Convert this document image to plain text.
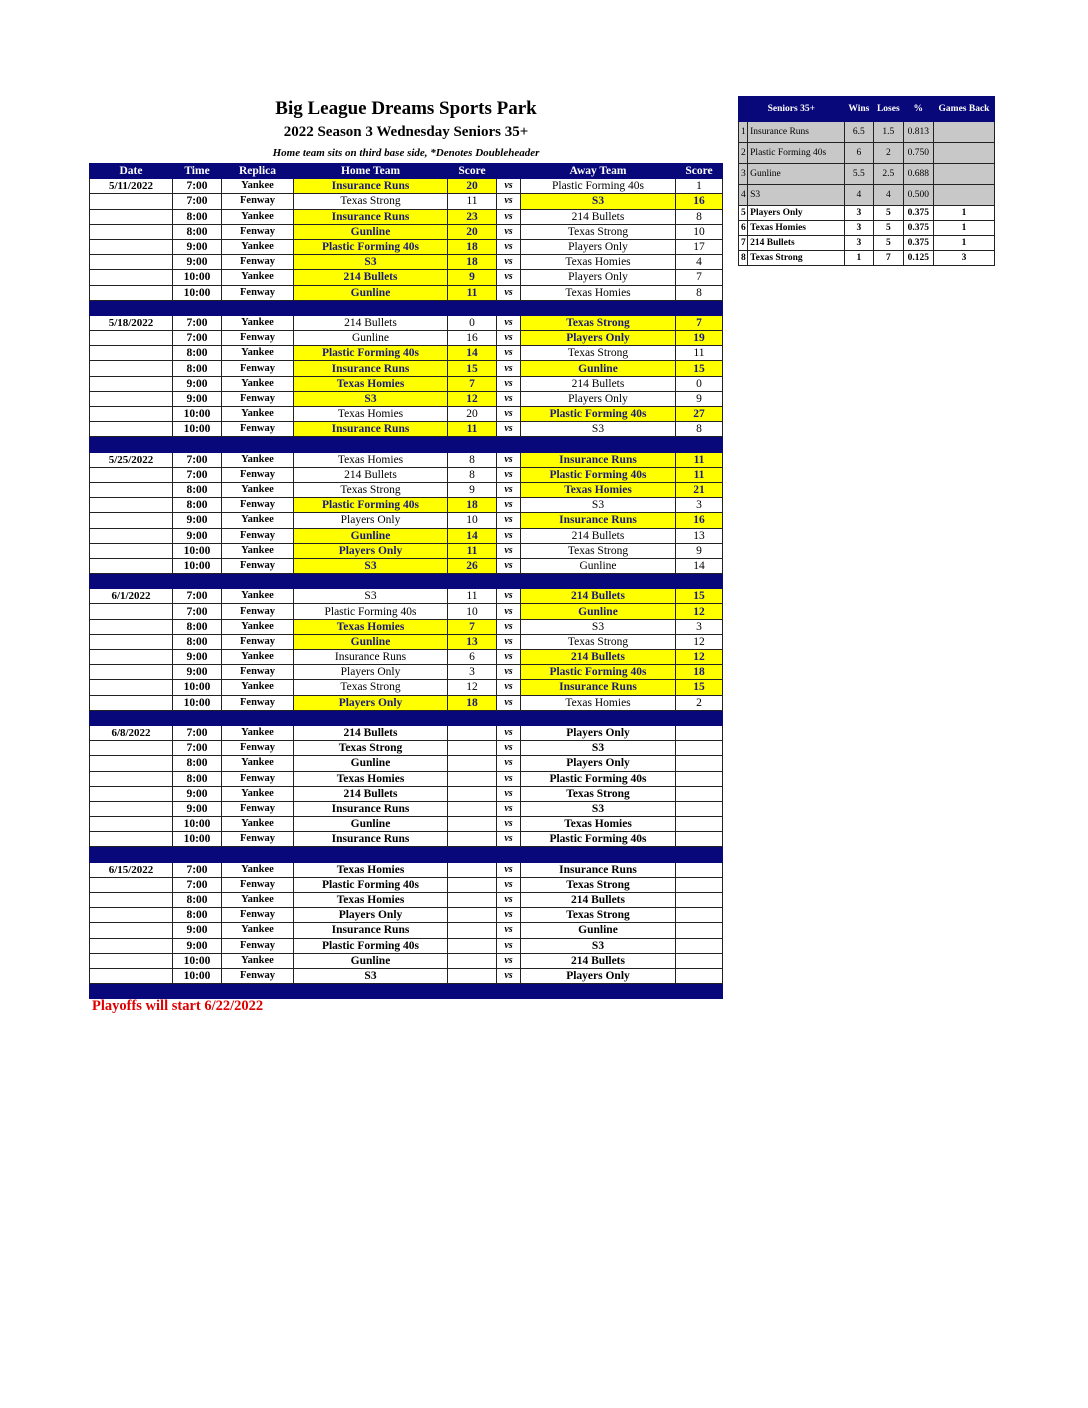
Big League Dreams Sports Park
2022 Season 3 Wednesday Seniors 35+
Home team sits on third base side, *Denotes Doubleheader
Date	Time	Replica	Home Team	Score		Away Team	Score
5/11/2022	7:00	Yankee	Insurance Runs	20	vs	Plastic Forming 40s	1
	7:00	Fenway	Texas Strong	11	vs	S3	16
	8:00	Yankee	Insurance Runs	23	vs	214 Bullets	8
	8:00	Fenway	Gunline	20	vs	Texas Strong	10
	9:00	Yankee	Plastic Forming 40s	18	vs	Players Only	17
	9:00	Fenway	S3	18	vs	Texas Homies	4
	10:00	Yankee	214 Bullets	9	vs	Players Only	7
	10:00	Fenway	Gunline	11	vs	Texas Homies	8

5/18/2022	7:00	Yankee	214 Bullets	0	vs	Texas Strong	7
	7:00	Fenway	Gunline	16	vs	Players Only	19
	8:00	Yankee	Plastic Forming 40s	14	vs	Texas Strong	11
	8:00	Fenway	Insurance Runs	15	vs	Gunline	15
	9:00	Yankee	Texas Homies	7	vs	214 Bullets	0
	9:00	Fenway	S3	12	vs	Players Only	9
	10:00	Yankee	Texas Homies	20	vs	Plastic Forming 40s	27
	10:00	Fenway	Insurance Runs	11	vs	S3	8

5/25/2022	7:00	Yankee	Texas Homies	8	vs	Insurance Runs	11
	7:00	Fenway	214 Bullets	8	vs	Plastic Forming 40s	11
	8:00	Yankee	Texas Strong	9	vs	Texas Homies	21
	8:00	Fenway	Plastic Forming 40s	18	vs	S3	3
	9:00	Yankee	Players Only	10	vs	Insurance Runs	16
	9:00	Fenway	Gunline	14	vs	214 Bullets	13
	10:00	Yankee	Players Only	11	vs	Texas Strong	9
	10:00	Fenway	S3	26	vs	Gunline	14

6/1/2022	7:00	Yankee	S3	11	vs	214 Bullets	15
	7:00	Fenway	Plastic Forming 40s	10	vs	Gunline	12
	8:00	Yankee	Texas Homies	7	vs	S3	3
	8:00	Fenway	Gunline	13	vs	Texas Strong	12
	9:00	Yankee	Insurance Runs	6	vs	214 Bullets	12
	9:00	Fenway	Players Only	3	vs	Plastic Forming 40s	18
	10:00	Yankee	Texas Strong	12	vs	Insurance Runs	15
	10:00	Fenway	Players Only	18	vs	Texas Homies	2

6/8/2022	7:00	Yankee	214 Bullets		vs	Players Only	
	7:00	Fenway	Texas Strong		vs	S3	
	8:00	Yankee	Gunline		vs	Players Only	
	8:00	Fenway	Texas Homies		vs	Plastic Forming 40s	
	9:00	Yankee	214 Bullets		vs	Texas Strong	
	9:00	Fenway	Insurance Runs		vs	S3	
	10:00	Yankee	Gunline		vs	Texas Homies	
	10:00	Fenway	Insurance Runs		vs	Plastic Forming 40s	

6/15/2022	7:00	Yankee	Texas Homies		vs	Insurance Runs	
	7:00	Fenway	Plastic Forming 40s		vs	Texas Strong	
	8:00	Yankee	Texas Homies		vs	214 Bullets	
	8:00	Fenway	Players Only		vs	Texas Strong	
	9:00	Yankee	Insurance Runs		vs	Gunline	
	9:00	Fenway	Plastic Forming 40s		vs	S3	
	10:00	Yankee	Gunline		vs	214 Bullets	
	10:00	Fenway	S3		vs	Players Only	

Seniors 35+		Wins	Loses	%	Games Back
1	Insurance Runs	6.5	1.5	0.813	
2	Plastic Forming 40s	6	2	0.750	
3	Gunline	5.5	2.5	0.688	
4	S3	4	4	0.500	
5	Players Only	3	5	0.375	1
6	Texas Homies	3	5	0.375	1
7	214 Bullets	3	5	0.375	1
8	Texas Strong	1	7	0.125	3
Playoffs will start 6/22/2022
